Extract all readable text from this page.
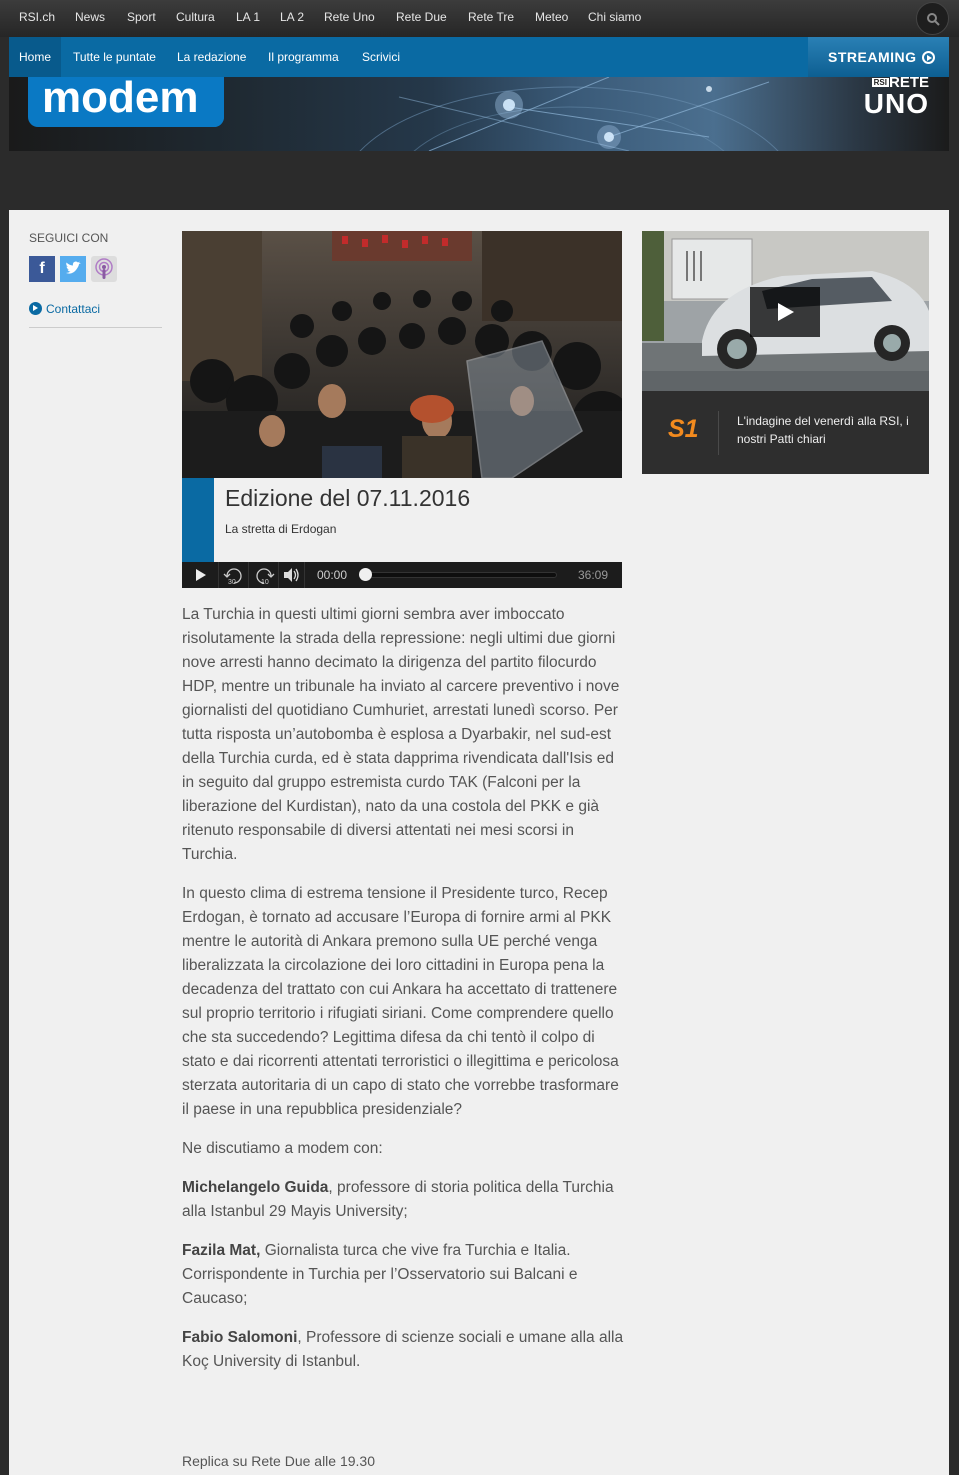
RSI.ch News Sport Cultura LA 1 LA 2 Rete Uno Rete Due Rete Tre Meteo Chi siamo
Home	Tutte le puntate	La redazione	Il programma	Scrivici	STREAMING
modem	RSI RETE
UNO
SEGUICI CON
f
Contattaci
Edizione del 07.11.2016
La stretta di Erdogan
30	10
00:00	36:09

La Turchia in questi ultimi giorni sembra aver imboccato risolutamente la strada della repressione: negli ultimi due giorni nove arresti hanno decimato la dirigenza del partito filocurdo HDP, mentre un tribunale ha inviato al carcere preventivo i nove giornalisti del quotidiano Cumhuriet, arrestati lunedì scorso. Per tutta risposta un’autobomba è esplosa a Dyarbakir, nel sud-est della Turchia curda, ed è stata dapprima rivendicata dall'Isis ed in seguito dal gruppo estremista curdo TAK (Falconi per la liberazione del Kurdistan), nato da una costola del PKK e già ritenuto responsabile di diversi attentati nei mesi scorsi in Turchia.

In questo clima di estrema tensione il Presidente turco, Recep Erdogan, è tornato ad accusare l’Europa di fornire armi al PKK mentre le autorità di Ankara premono sulla UE perché venga liberalizzata la circolazione dei loro cittadini in Europa pena la decadenza del trattato con cui Ankara ha accettato di trattenere sul proprio territorio i rifugiati siriani. Come comprendere quello che sta succedendo? Legittima difesa da chi tentò il colpo di stato e dai ricorrenti attentati terroristici o illegittima e pericolosa sterzata autoritaria di un capo di stato che vorrebbe trasformare il paese in una repubblica presidenziale?

Ne discutiamo a modem con:

Michelangelo Guida, professore di storia politica della Turchia alla Istanbul 29 Mayis University;

Fazila Mat, Giornalista turca che vive fra Turchia e Italia. Corrispondente in Turchia per l’Osservatorio sui Balcani e Caucaso;

Fabio Salomoni, Professore di scienze sociali e umane alla alla Koç University di Istanbul.

Replica su Rete Due alle 19.30
S1	L'indagine del venerdì alla RSI, i nostri Patti chiari
